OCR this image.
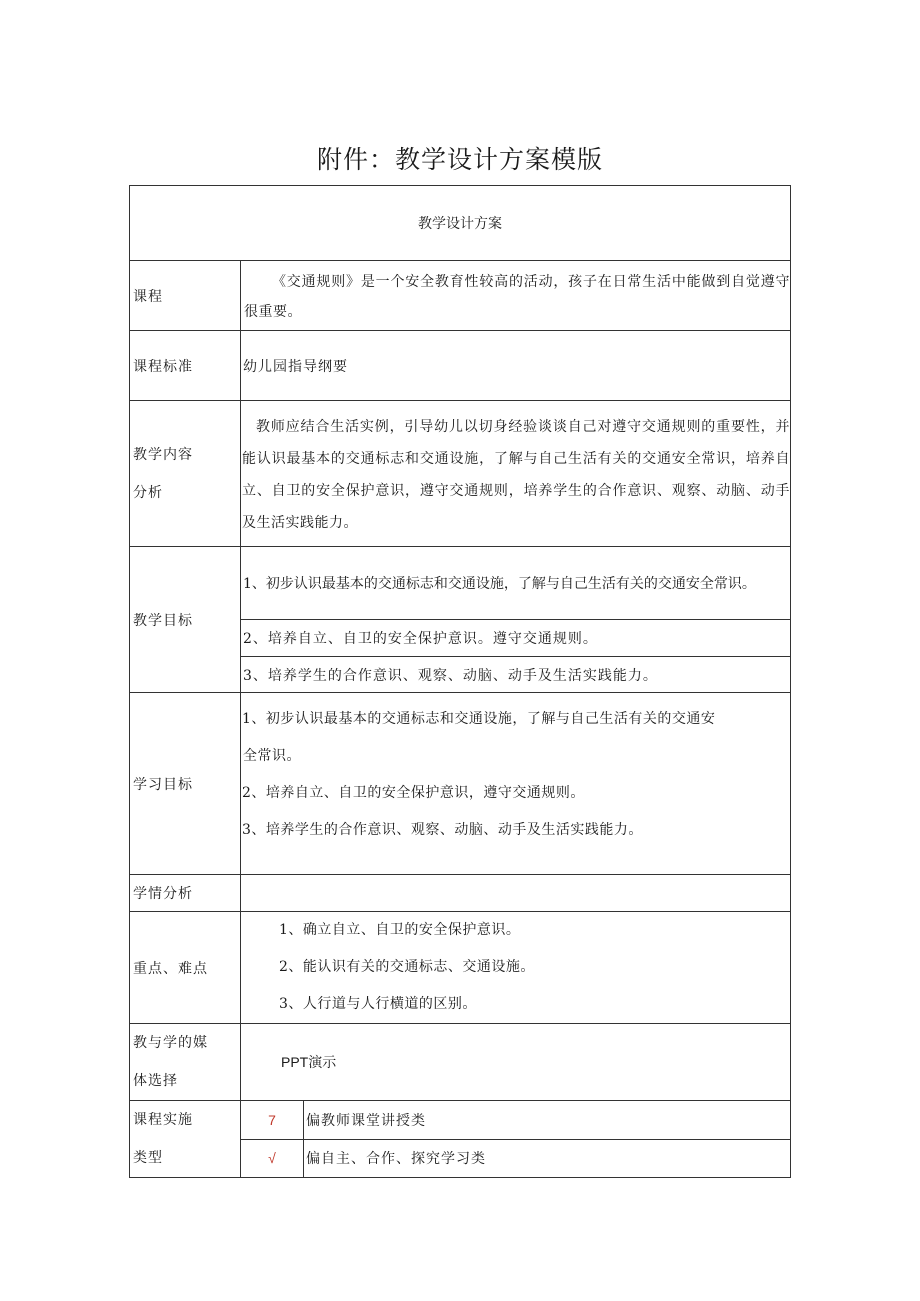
附件：教学设计方案模版
教学设计方案		
课程	《交通规则》是一个安全教育性较高的活动，孩子在日常生活中能做到自觉遵守很重要。	
课程标准	幼儿园指导纲要	

教学内容
分析	教师应结合生活实例，引导幼儿以切身经验谈谈自己对遵守交通规则的重要性，并能认识最基本的交通标志和交通设施，了解与自己生活有关的交通安全常识，培养自立、自卫的安全保护意识，遵守交通规则，培养学生的合作意识、观察、动脑、动手及生活实践能力。	
教学目标	1、初步认识最基本的交通标志和交通设施，了解与自己生活有关的交通安全常识。	
	2、培养自立、自卫的安全保护意识。遵守交通规则。	
	3、培养学生的合作意识、观察、动脑、动手及生活实践能力。	
学习目标	1、初步认识最基本的交通标志和交通设施，了解与自己生活有关的交通安
全常识。
2、培养自立、自卫的安全保护意识，遵守交通规则。
3、培养学生的合作意识、观察、动脑、动手及生活实践能力。	

学情分析		
重点、难点	1、确立自立、自卫的安全保护意识。
2、能认识有关的交通标志、交通设施。
3、人行道与人行横道的区别。	

教与学的媒
体选择	PPT演示	

课程实施
类型	7	偏教师课堂讲授类
	√	偏自主、合作、探究学习类
